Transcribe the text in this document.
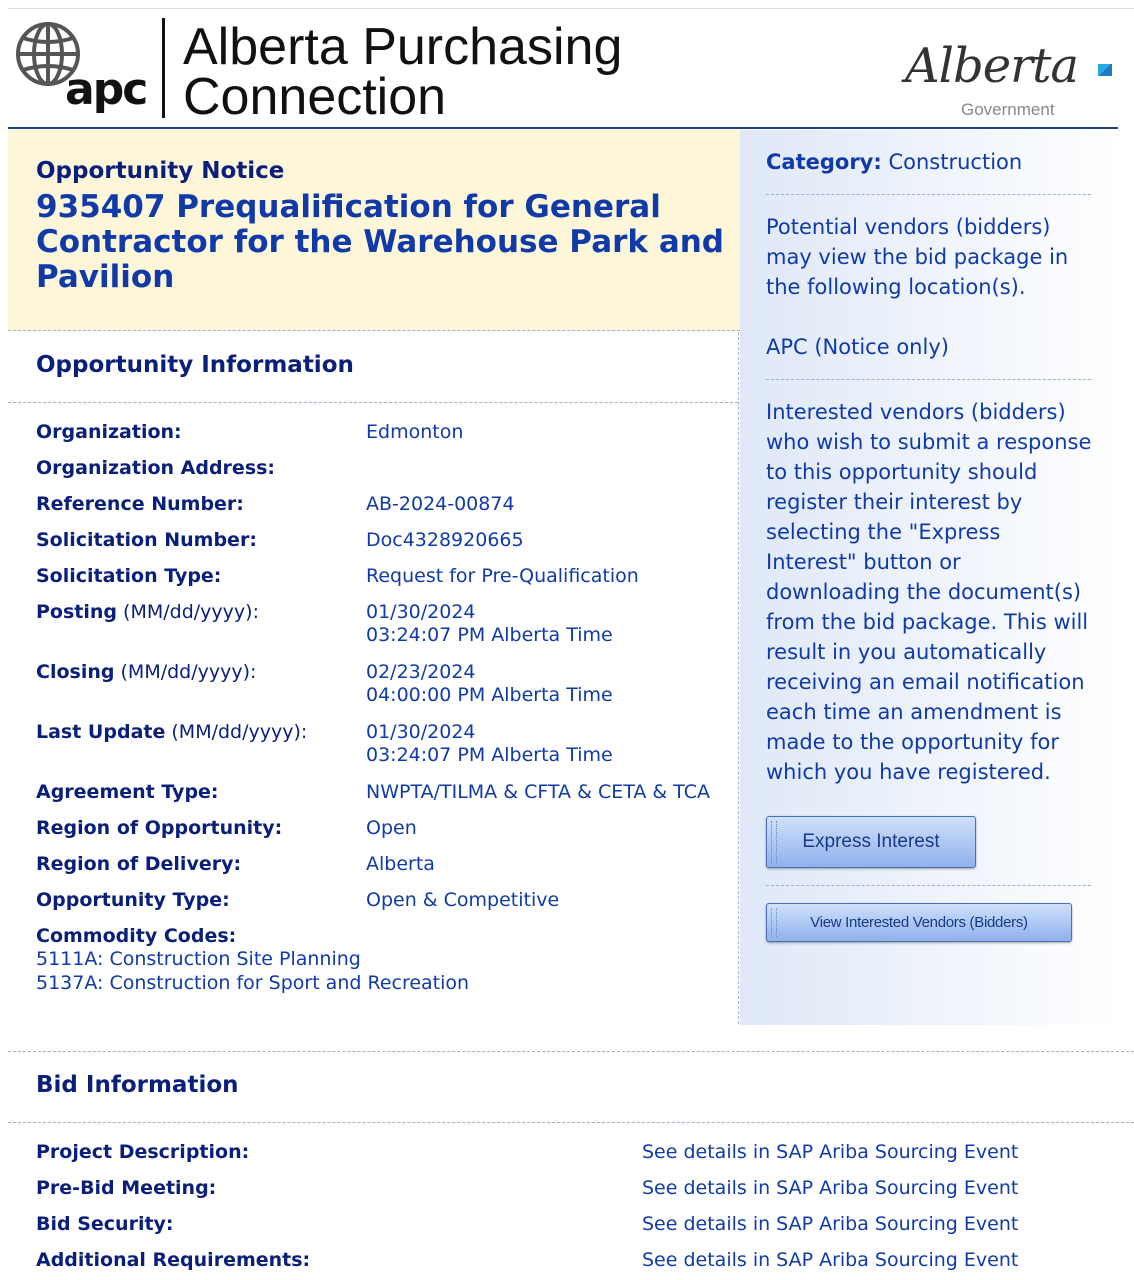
apc
Alberta Purchasing
Connection
Alberta
Government
Opportunity Notice
935407 Prequalification for General Contractor for the Warehouse Park and Pavilion
Opportunity Information
Organization:	Edmonton
Organization Address:
Reference Number:	AB-2024-00874
Solicitation Number:	Doc4328920665
Solicitation Type:	Request for Pre-Qualification
Posting (MM/dd/yyyy):	01/30/2024
03:24:07 PM Alberta Time
Closing (MM/dd/yyyy):	02/23/2024
04:00:00 PM Alberta Time
Last Update (MM/dd/yyyy):	01/30/2024
03:24:07 PM Alberta Time
Agreement Type:	NWPTA/TILMA & CFTA & CETA & TCA
Region of Opportunity:	Open
Region of Delivery:	Alberta
Opportunity Type:	Open & Competitive
Commodity Codes:
5111A: Construction Site Planning
5137A: Construction for Sport and Recreation
Category: Construction
Potential vendors (bidders) may view the bid package in the following location(s).
APC (Notice only)
Interested vendors (bidders) who wish to submit a response to this opportunity should register their interest by selecting the "Express Interest" button or downloading the document(s) from the bid package. This will result in you automatically receiving an email notification each time an amendment is made to the opportunity for which you have registered.
Express Interest
View Interested Vendors (Bidders)
Bid Information
Project Description:	See details in SAP Ariba Sourcing Event
Pre-Bid Meeting:	See details in SAP Ariba Sourcing Event
Bid Security:	See details in SAP Ariba Sourcing Event
Additional Requirements:	See details in SAP Ariba Sourcing Event
